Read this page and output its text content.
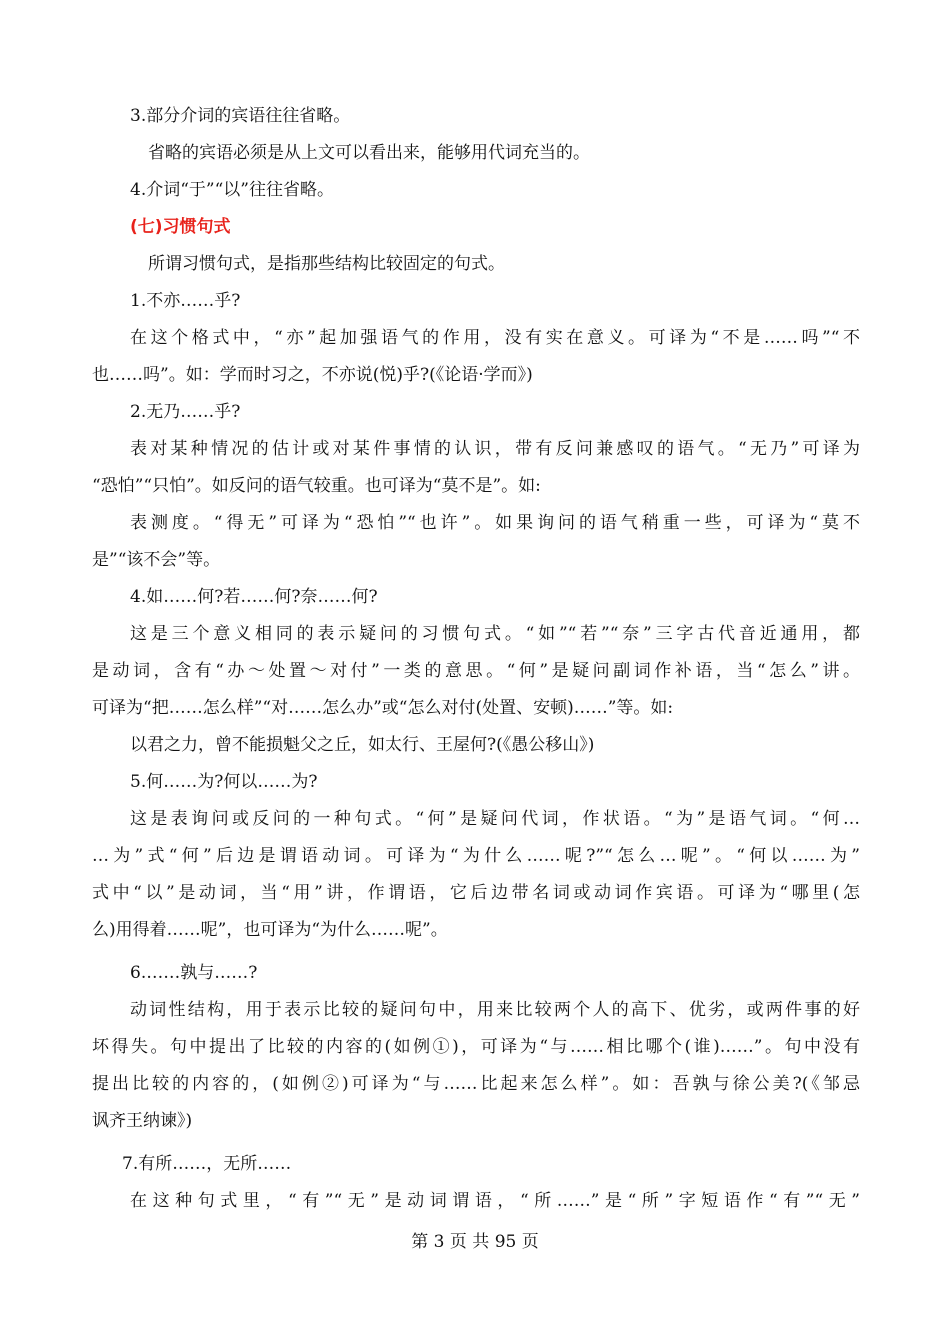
3.部分介词的宾语往往省略。
省略的宾语必须是从上文可以看出来，能够用代词充当的。
4.介词“于”“以”往往省略。
(七)习惯句式
所谓习惯句式，是指那些结构比较固定的句式。
1.不亦……乎?
在这个格式中，“亦”起加强语气的作用，没有实在意义。可译为“不是……吗”“不
也……吗”。如：学而时习之，不亦说(悦)乎?(《论语·学而》)
2.无乃……乎?
表对某种情况的估计或对某件事情的认识，带有反问兼感叹的语气。“无乃”可译为
“恐怕”“只怕”。如反问的语气较重。也可译为“莫不是”。如:
表测度。“得无”可译为“恐怕”“也许”。如果询问的语气稍重一些，可译为“莫不
是”“该不会”等。
4.如……何?若……何?奈……何?
这是三个意义相同的表示疑问的习惯句式。“如”“若”“奈”三字古代音近通用，都
是动词，含有“办～处置～对付”一类的意思。“何”是疑问副词作补语，当“怎么”讲。
可译为“把……怎么样”“对……怎么办”或“怎么对付(处置、安顿)……”等。如:
以君之力，曾不能损魁父之丘，如太行、王屋何?(《愚公移山》)
5.何……为?何以……为?
这是表询问或反问的一种句式。“何”是疑问代词，作状语。“为”是语气词。“何…
…为”式“何”后边是谓语动词。可译为“为什么……呢?”“怎么…呢”。“何以……为”
式中“以”是动词，当“用”讲，作谓语，它后边带名词或动词作宾语。可译为“哪里(怎
么)用得着……呢”，也可译为“为什么……呢”。
6.……孰与……?
动词性结构，用于表示比较的疑问句中，用来比较两个人的高下、优劣，或两件事的好
坏得失。句中提出了比较的内容的(如例①)，可译为“与……相比哪个(谁)……”。句中没有
提出比较的内容的，(如例②)可译为“与……比起来怎么样”。如：吾孰与徐公美?(《邹忌
讽齐王纳谏》)
7.有所……，无所……
在这种句式里，“有”“无”是动词谓语，“所……”是“所”字短语作“有”“无”
第 3 页 共 95 页
